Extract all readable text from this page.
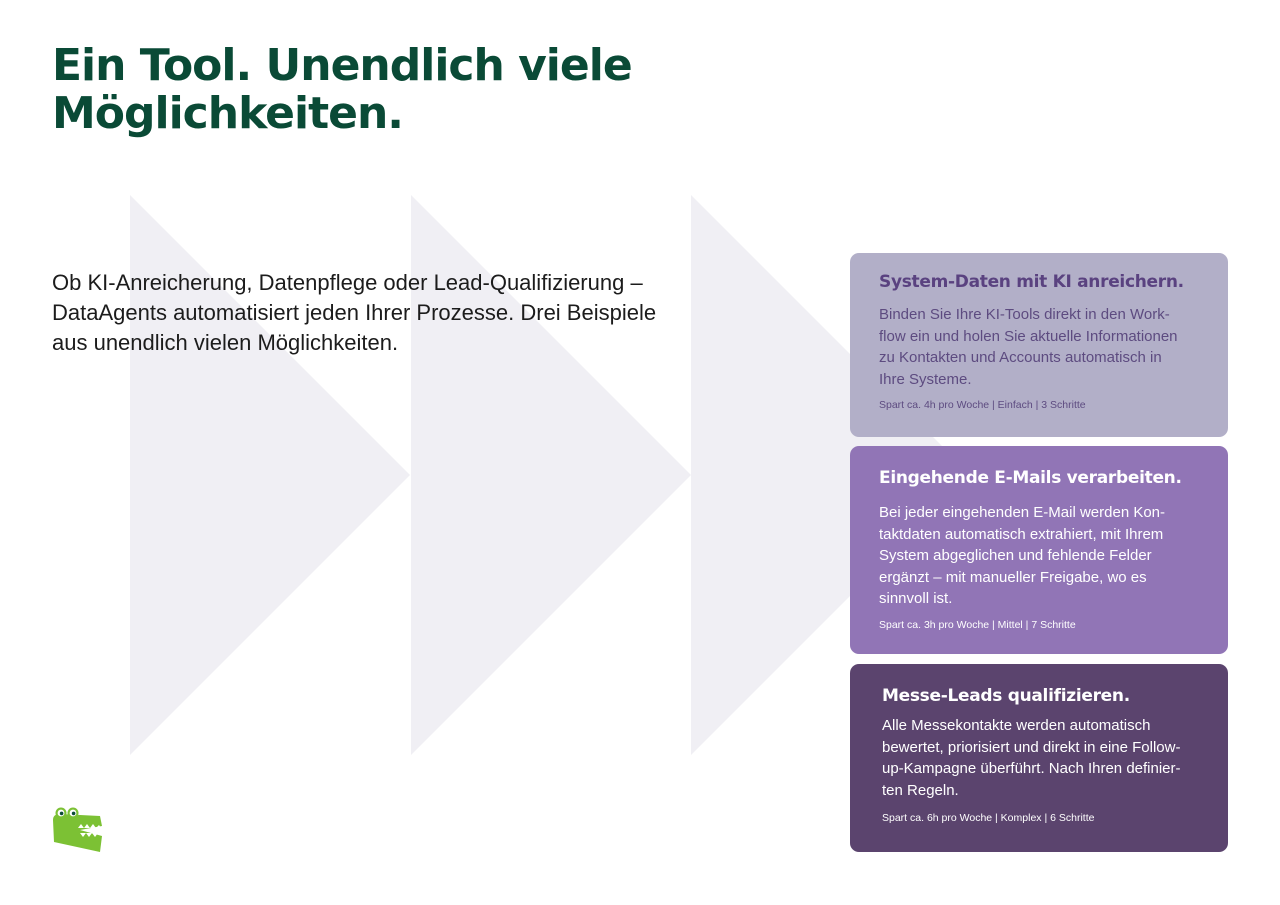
Ein Tool. Unendlich viele
Möglichkeiten.

Ob KI-Anreicherung, Datenpflege oder Lead-Qualifizierung –
DataAgents automatisiert jeden Ihrer Prozesse. Drei Beispiele
aus unendlich vielen Möglichkeiten.

System-Daten mit KI anreichern.
Binden Sie Ihre KI-Tools direkt in den Work-
flow ein und holen Sie aktuelle Informationen
zu Kontakten und Accounts automatisch in
Ihre Systeme.
Spart ca. 4h pro Woche | Einfach | 3 Schritte
Eingehende E-Mails verarbeiten.
Bei jeder eingehenden E-Mail werden Kon-
taktdaten automatisch extrahiert, mit Ihrem
System abgeglichen und fehlende Felder
ergänzt – mit manueller Freigabe, wo es
sinnvoll ist.
Spart ca. 3h pro Woche | Mittel | 7 Schritte
Messe-Leads qualifizieren.
Alle Messekontakte werden automatisch
bewertet, priorisiert und direkt in eine Follow-
up-Kampagne überführt. Nach Ihren definier-
ten Regeln.
Spart ca. 6h pro Woche | Komplex | 6 Schritte
